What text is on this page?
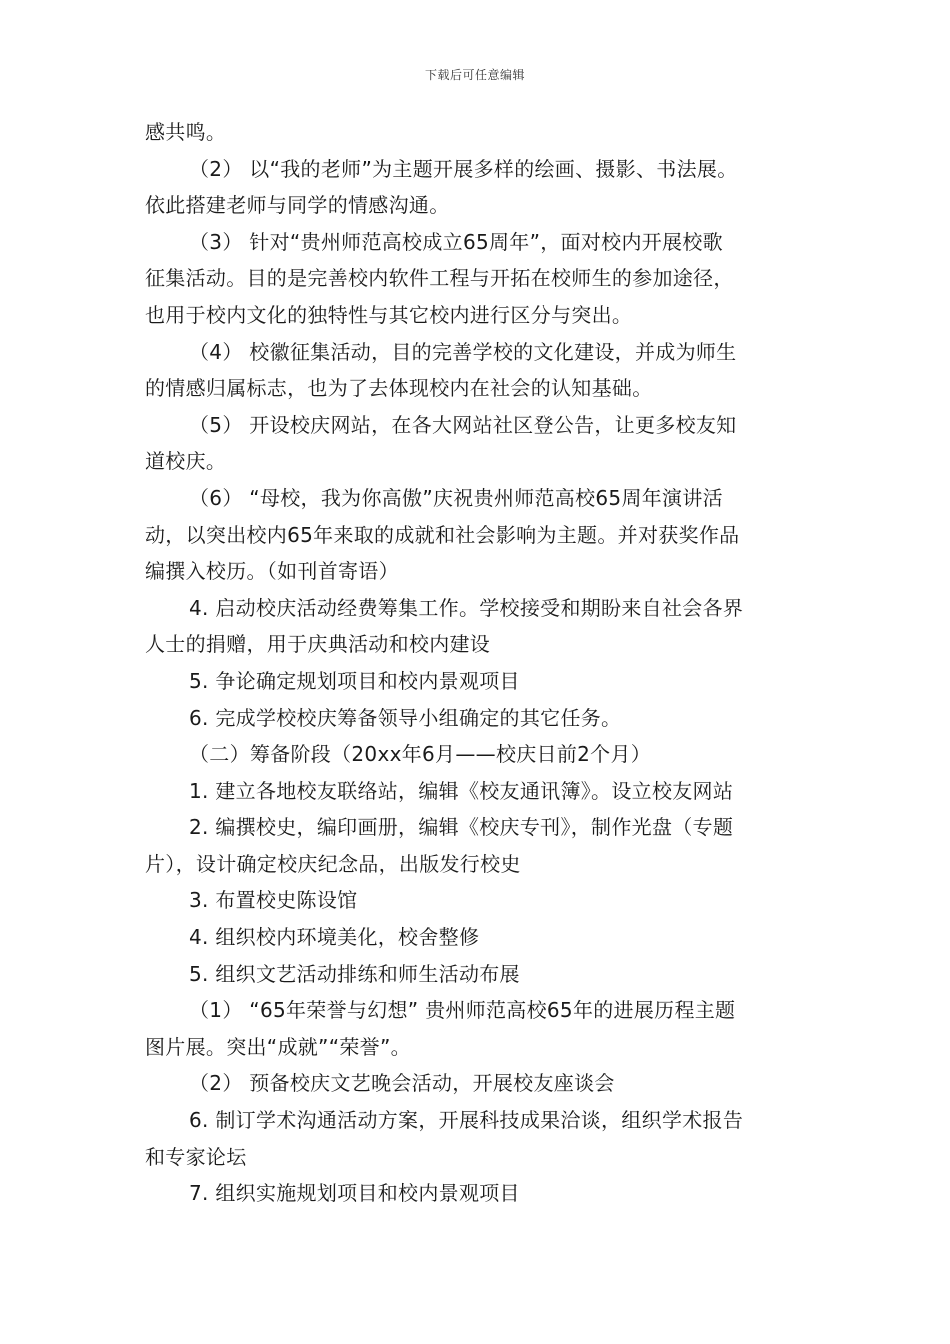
下载后可任意编辑
感共鸣。
（2） 以“我的老师”为主题开展多样的绘画、摄影、书法展。
依此搭建老师与同学的情感沟通。
（3） 针对“贵州师范高校成立65周年”，面对校内开展校歌
征集活动。目的是完善校内软件工程与开拓在校师生的参加途径，
也用于校内文化的独特性与其它校内进行区分与突出。
（4） 校徽征集活动，目的完善学校的文化建设，并成为师生
的情感归属标志，也为了去体现校内在社会的认知基础。
（5） 开设校庆网站，在各大网站社区登公告，让更多校友知
道校庆。
（6） “母校，我为你高傲”庆祝贵州师范高校65周年演讲活
动，以突出校内65年来取的成就和社会影响为主题。并对获奖作品
编撰入校历。（如刊首寄语）
4. 启动校庆活动经费筹集工作。学校接受和期盼来自社会各界
人士的捐赠，用于庆典活动和校内建设
5. 争论确定规划项目和校内景观项目
6. 完成学校校庆筹备领导小组确定的其它任务。
（二）筹备阶段（20xx年6月——校庆日前2个月）
1. 建立各地校友联络站，编辑《校友通讯簿》。设立校友网站
2. 编撰校史，编印画册，编辑《校庆专刊》，制作光盘（专题
片），设计确定校庆纪念品，出版发行校史
3. 布置校史陈设馆
4. 组织校内环境美化，校舍整修
5. 组织文艺活动排练和师生活动布展
（1） “65年荣誉与幻想” 贵州师范高校65年的进展历程主题
图片展。突出“成就”“荣誉”。
（2） 预备校庆文艺晚会活动，开展校友座谈会
6. 制订学术沟通活动方案，开展科技成果洽谈，组织学术报告
和专家论坛
7. 组织实施规划项目和校内景观项目
